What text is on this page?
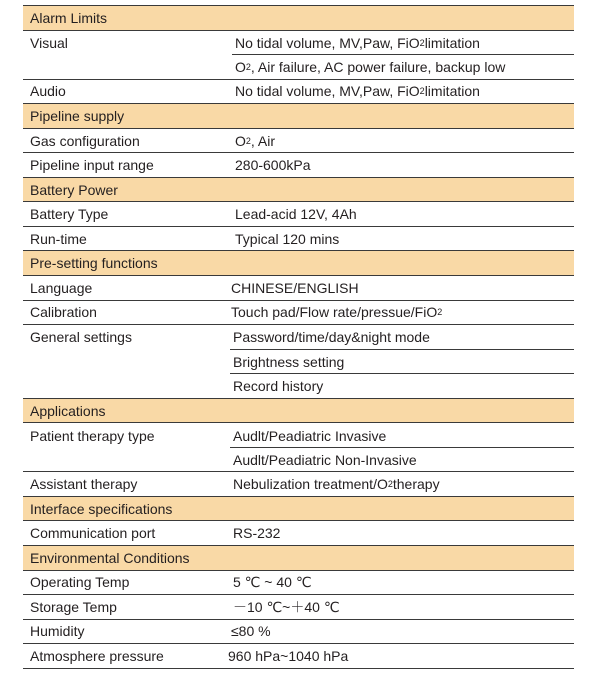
Alarm Limits
Visual	No tidal volume, MV,Paw, FiO 2 limitation
O 2 , Air failure, AC power failure, backup low
Audio	No tidal volume, MV,Paw, FiO 2 limitation
Pipeline supply
Gas configuration	O 2 , Air
Pipeline input range	280-600kPa
Battery Power
Battery Type	Lead-acid 12V, 4Ah
Run-time	Typical 120 mins
Pre-setting functions
Language	CHINESE/ENGLISH
Calibration	Touch pad/Flow rate/pressue/FiO 2
General settings	Password/time/day&night mode
Brightness setting
Record history
Applications
Patient therapy type	Audlt/Peadiatric Invasive
Audlt/Peadiatric Non-Invasive
Assistant therapy	Nebulization treatment/O 2 therapy
Interface specifications
Communication port	RS-232
Environmental Conditions
Operating Temp	5 ℃ ~ 40 ℃
Storage Temp	－10 ℃~＋40 ℃
Humidity	≤80 %
Atmosphere pressure	960 hPa~1040 hPa
